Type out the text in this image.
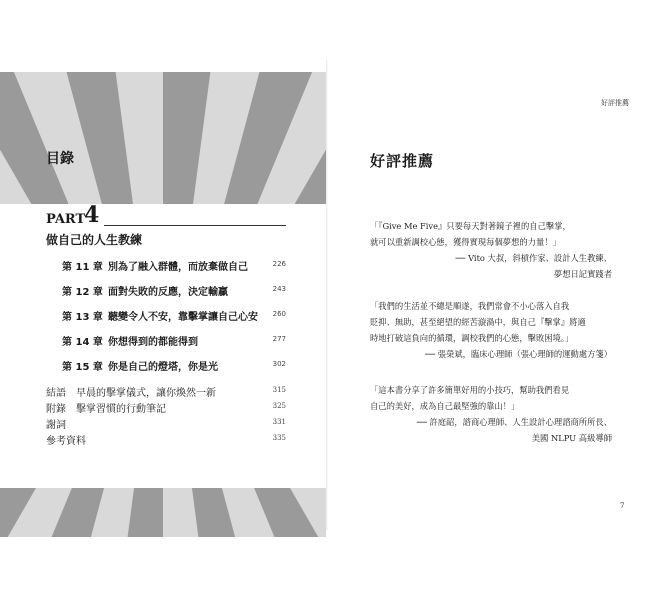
目錄
PART
4
做自己的人生教練
第 11 章 別為了融入群體，而放棄做自己	226
第 12 章 面對失敗的反應，決定輸贏	243
第 13 章 聽變令人不安，靠擊掌讓自己心安 260
第 14 章 你想得到的都能得到	277
第 15 章 你是自己的燈塔，你是光	302
結語　早晨的擊掌儀式，讓你煥然一新	315
附錄　擊掌習慣的行動筆記	325
謝詞	331
參考資料	335
好評推薦
好評推薦

「『Give Me Five』只要每天對著鏡子裡的自己擊掌，

就可以重新調校心態，獲得實現每個夢想的力量！」

── Vito 大叔，斜槓作家、設計人生教練、

夢想日記實踐者

「我們的生活並不總是順遂，我們常會不小心落入自我

貶抑、無助，甚至絕望的經苦漩渦中，與自己『擊掌』將適

時地打破這負向的循環，調校我們的心態，擊敗困境。」

── 張榮斌，臨床心理師（張心理師的運動處方箋）

「這本書分享了許多簡單好用的小技巧，幫助我們看見

自己的美好，成為自己最堅強的靠山！」

── 許庭韶，諮商心理師、人生設計心理諮商所所長、

美國 NLPU 高級導師

7
